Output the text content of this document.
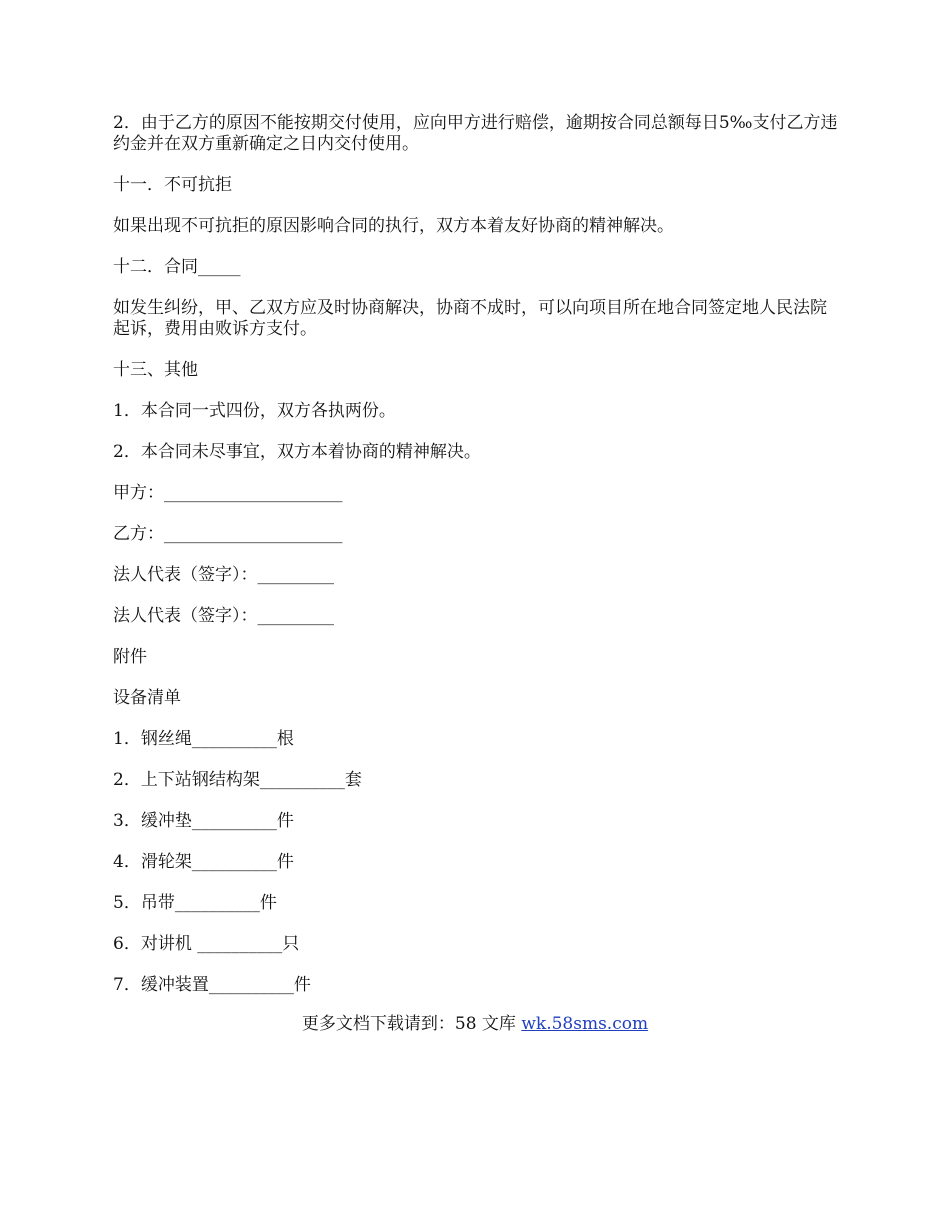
2．由于乙方的原因不能按期交付使用，应向甲方进行赔偿，逾期按合同总额每日5‰支付乙方违约金并在双方重新确定之日内交付使用。

十一．不可抗拒

如果出现不可抗拒的原因影响合同的执行，双方本着友好协商的精神解决。

十二．合同_____

如发生纠纷，甲、乙双方应及时协商解决，协商不成时，可以向项目所在地合同签定地人民法院起诉，费用由败诉方支付。

十三、其他

1．本合同一式四份，双方各执两份。

2．本合同未尽事宜，双方本着协商的精神解决。

甲方：_____________________

乙方：_____________________

法人代表（签字）：_________

法人代表（签字）：_________

附件

设备清单

1．钢丝绳__________根

2．上下站钢结构架__________套

3．缓冲垫__________件

4．滑轮架__________件

5．吊带__________件

6．对讲机 __________只

7．缓冲装置__________件

更多文档下载请到：58 文库 wk.58sms.com
